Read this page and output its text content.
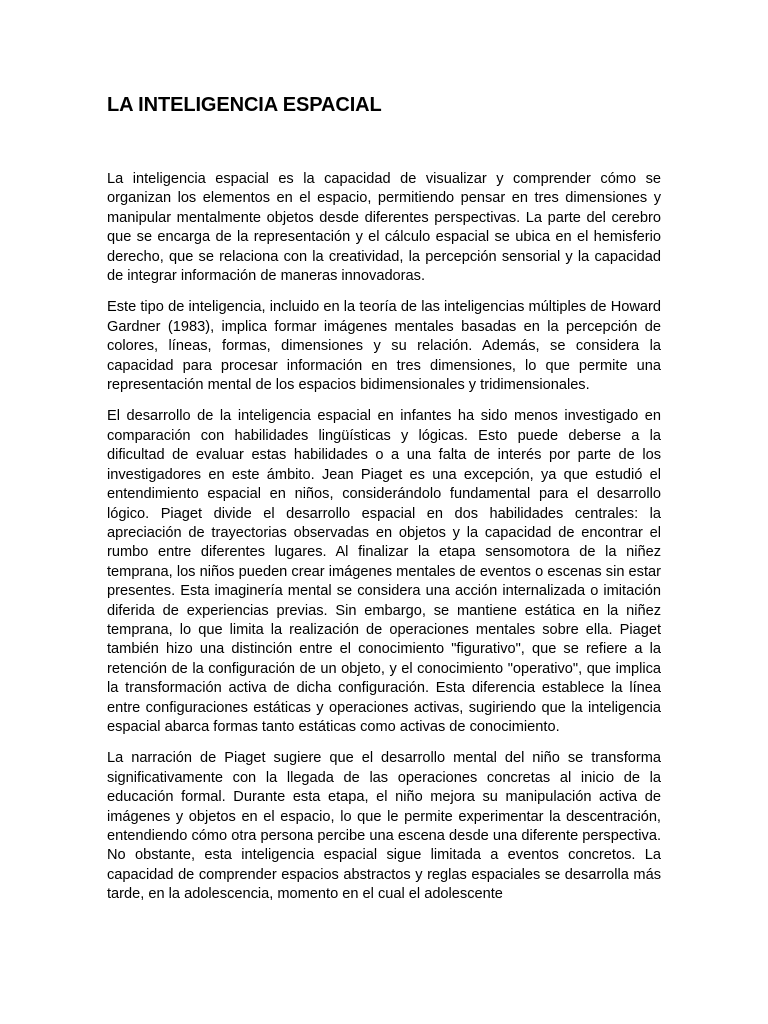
LA INTELIGENCIA ESPACIAL

La inteligencia espacial es la capacidad de visualizar y comprender cómo se organizan los elementos en el espacio, permitiendo pensar en tres dimensiones y manipular mentalmente objetos desde diferentes perspectivas. La parte del cerebro que se encarga de la representación y el cálculo espacial se ubica en el hemisferio derecho, que se relaciona con la creatividad, la percepción sensorial y la capacidad de integrar información de maneras innovadoras.

Este tipo de inteligencia, incluido en la teoría de las inteligencias múltiples de Howard Gardner (1983), implica formar imágenes mentales basadas en la percepción de colores, líneas, formas, dimensiones y su relación. Además, se considera la capacidad para procesar información en tres dimensiones, lo que permite una representación mental de los espacios bidimensionales y tridimensionales.

El desarrollo de la inteligencia espacial en infantes ha sido menos investigado en comparación con habilidades lingüísticas y lógicas. Esto puede deberse a la dificultad de evaluar estas habilidades o a una falta de interés por parte de los investigadores en este ámbito. Jean Piaget es una excepción, ya que estudió el entendimiento espacial en niños, considerándolo fundamental para el desarrollo lógico. Piaget divide el desarrollo espacial en dos habilidades centrales: la apreciación de trayectorias observadas en objetos y la capacidad de encontrar el rumbo entre diferentes lugares. Al finalizar la etapa sensomotora de la niñez temprana, los niños pueden crear imágenes mentales de eventos o escenas sin estar presentes. Esta imaginería mental se considera una acción internalizada o imitación diferida de experiencias previas. Sin embargo, se mantiene estática en la niñez temprana, lo que limita la realización de operaciones mentales sobre ella. Piaget también hizo una distinción entre el conocimiento "figurativo", que se refiere a la retención de la configuración de un objeto, y el conocimiento "operativo", que implica la transformación activa de dicha configuración. Esta diferencia establece la línea entre configuraciones estáticas y operaciones activas, sugiriendo que la inteligencia espacial abarca formas tanto estáticas como activas de conocimiento.

La narración de Piaget sugiere que el desarrollo mental del niño se transforma significativamente con la llegada de las operaciones concretas al inicio de la educación formal. Durante esta etapa, el niño mejora su manipulación activa de imágenes y objetos en el espacio, lo que le permite experimentar la descentración, entendiendo cómo otra persona percibe una escena desde una diferente perspectiva. No obstante, esta inteligencia espacial sigue limitada a eventos concretos. La capacidad de comprender espacios abstractos y reglas espaciales se desarrolla más tarde, en la adolescencia, momento en el cual el adolescente
